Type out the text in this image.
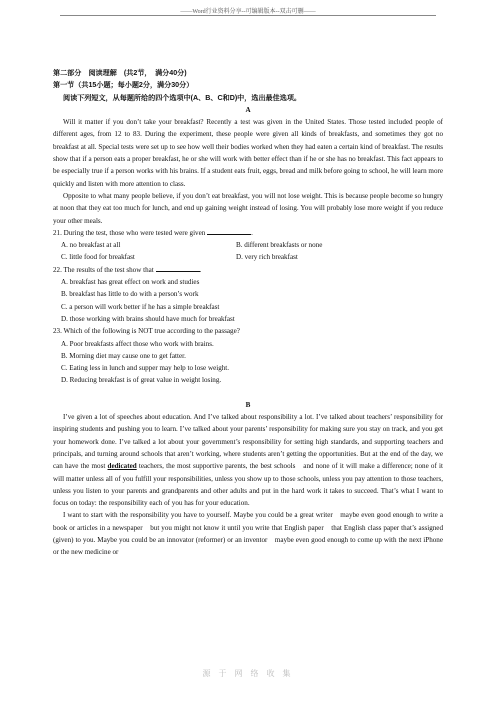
——Word行业资料分享--可编辑版本--双击可删——
第二部分　阅读理解　(共2节，　满分40分)
第一节（共15小题；每小题2分，满分30分）
阅读下列短文，从每题所给的四个选项中(A、B、C和D)中，选出最佳选项。
A

Will it matter if you don’t take your breakfast? Recently a test was given in the United States. Those tested included people of different ages, from 12 to 83. During the experiment, these people were given all kinds of breakfasts, and sometimes they got no breakfast at all. Special tests were set up to see how well their bodies worked when they had eaten a certain kind of breakfast. The results show that if a person eats a proper breakfast, he or she will work with better effect than if he or she has no breakfast. This fact appears to be especially true if a person works with his brains. If a student eats fruit, eggs, bread and milk before going to school, he will learn more quickly and listen with more attention to class.

Opposite to what many people believe, if you don’t eat breakfast, you will not lose weight. This is because people become so hungry at noon that they eat too much for lunch, and end up gaining weight instead of losing. You will probably lose more weight if you reduce your other meals.

21. During the test, those who were tested were given	.
A. no breakfast at all	B. different breakfasts or none
C. little food for breakfast	D. very rich breakfast
22. The results of the test show that	.
A. breakfast has great effect on work and studies
B. breakfast has little to do with a person’s work
C. a person will work better if he has a simple breakfast
D. those working with brains should have much for breakfast
23. Which of the following is NOT true according to the passage?
A. Poor breakfasts affect those who work with brains.
B. Morning diet may cause one to get fatter.
C. Eating less in lunch and supper may help to lose weight.
D. Reducing breakfast is of great value in weight losing.
B

I’ve given a lot of speeches about education. And I’ve talked about responsibility a lot. I’ve talked about teachers’ responsibility for inspiring students and pushing you to learn. I’ve talked about your parents’ responsibility for making sure you stay on track, and you get your homework done. I’ve talked a lot about your government’s responsibility for setting high standards, and supporting teachers and principals, and turning around schools that aren’t working, where students aren’t getting the opportunities. But at the end of the day, we can have the most dedicated teachers, the most supportive parents, the best schools　and none of it will make a difference; none of it will matter unless all of you fulfill your responsibilities, unless you show up to those schools, unless you pay attention to those teachers, unless you listen to your parents and grandparents and other adults and put in the hard work it takes to succeed. That’s what I want to focus on today: the responsibility each of you has for your education.

I want to start with the responsibility you have to yourself. Maybe you could be a great writer　maybe even good enough to write a book or articles in a newspaper　but you might not know it until you write that English paper　that English class paper that’s assigned (given) to you. Maybe you could be an innovator (reformer) or an inventor　maybe even good enough to come up with the next iPhone or the new medicine or

源 于 网 络 收 集
